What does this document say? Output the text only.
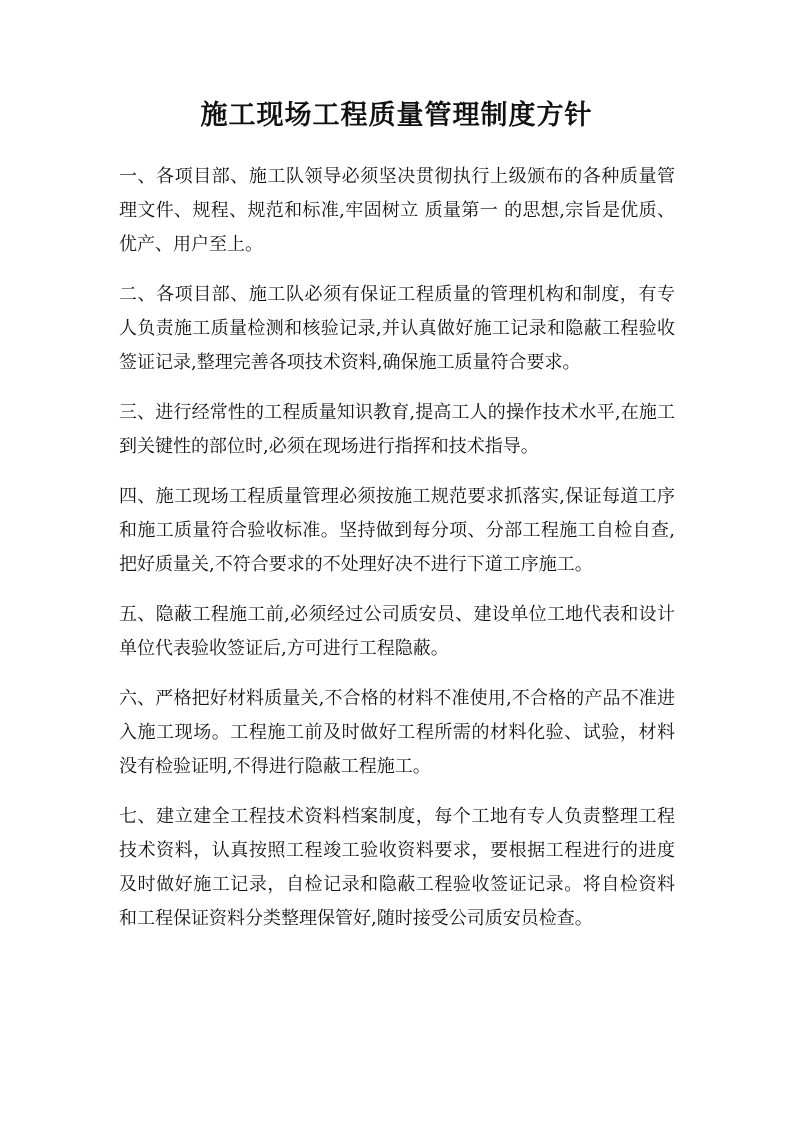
施工现场工程质量管理制度方针

一、各项目部、施工队领导必须坚决贯彻执行上级颁布的各种质量管理文件、规程、规范和标准,牢固树立 质量第一 的思想,宗旨是优质、优产、用户至上。

二、各项目部、施工队必须有保证工程质量的管理机构和制度，有专人负责施工质量检测和核验记录,并认真做好施工记录和隐蔽工程验收签证记录,整理完善各项技术资料,确保施工质量符合要求。

三、进行经常性的工程质量知识教育,提高工人的操作技术水平,在施工到关键性的部位时,必须在现场进行指挥和技术指导。

四、施工现场工程质量管理必须按施工规范要求抓落实,保证每道工序和施工质量符合验收标准。坚持做到每分项、分部工程施工自检自查,把好质量关,不符合要求的不处理好决不进行下道工序施工。

五、隐蔽工程施工前,必须经过公司质安员、建设单位工地代表和设计单位代表验收签证后,方可进行工程隐蔽。

六、严格把好材料质量关,不合格的材料不准使用,不合格的产品不准进入施工现场。工程施工前及时做好工程所需的材料化验、试验，材料没有检验证明,不得进行隐蔽工程施工。

七、建立建全工程技术资料档案制度，每个工地有专人负责整理工程技术资料，认真按照工程竣工验收资料要求，要根据工程进行的进度及时做好施工记录，自检记录和隐蔽工程验收签证记录。将自检资料和工程保证资料分类整理保管好,随时接受公司质安员检查。
